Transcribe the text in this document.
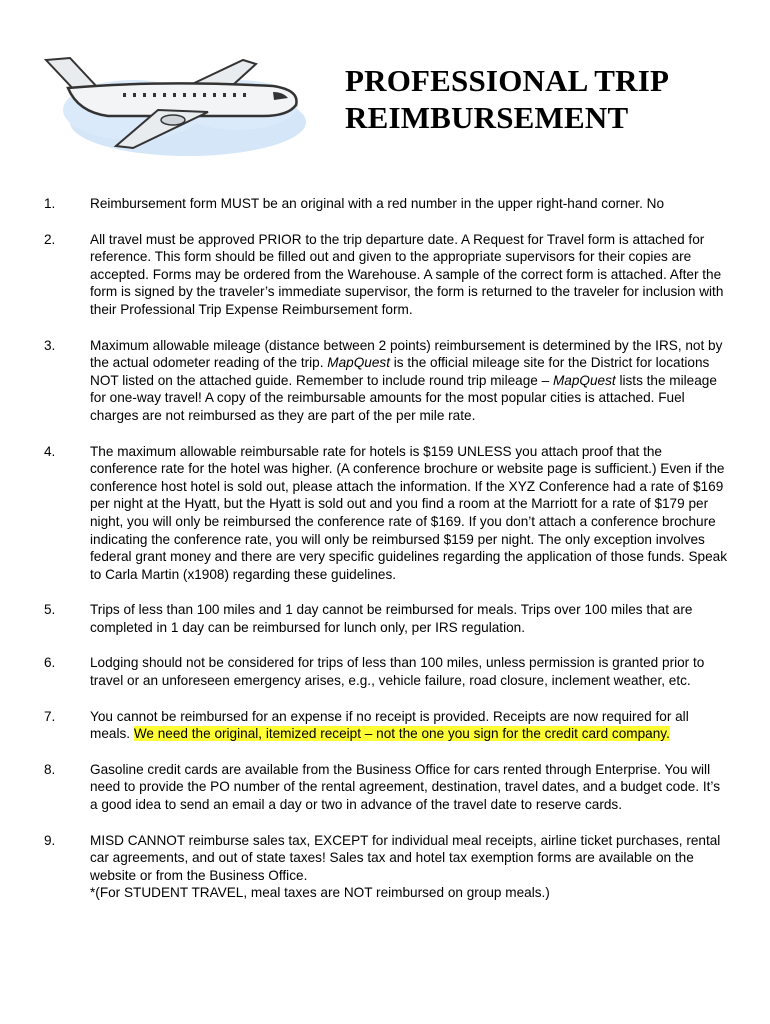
PROFESSIONAL TRIP
REIMBURSEMENT
1.	Reimbursement form MUST be an original with a red number in the upper right-hand corner. No
2.	All travel must be approved PRIOR to the trip departure date. A Request for Travel form is attached for reference. This form should be filled out and given to the appropriate supervisors for their copies are accepted. Forms may be ordered from the Warehouse. A sample of the correct form is attached. After the form is signed by the traveler’s immediate supervisor, the form is returned to the traveler for inclusion with their Professional Trip Expense Reimbursement form.
3.	Maximum allowable mileage (distance between 2 points) reimbursement is determined by the IRS, not by the actual odometer reading of the trip. MapQuest is the official mileage site for the District for locations NOT listed on the attached guide. Remember to include round trip mileage – MapQuest lists the mileage for one-way travel! A copy of the reimbursable amounts for the most popular cities is attached. Fuel charges are not reimbursed as they are part of the per mile rate.
4.	The maximum allowable reimbursable rate for hotels is $159 UNLESS you attach proof that the conference rate for the hotel was higher. (A conference brochure or website page is sufficient.) Even if the conference host hotel is sold out, please attach the information. If the XYZ Conference had a rate of $169 per night at the Hyatt, but the Hyatt is sold out and you find a room at the Marriott for a rate of $179 per night, you will only be reimbursed the conference rate of $169. If you don’t attach a conference brochure indicating the conference rate, you will only be reimbursed $159 per night. The only exception involves federal grant money and there are very specific guidelines regarding the application of those funds. Speak to Carla Martin (x1908) regarding these guidelines.
5.	Trips of less than 100 miles and 1 day cannot be reimbursed for meals. Trips over 100 miles that are completed in 1 day can be reimbursed for lunch only, per IRS regulation.
6.	Lodging should not be considered for trips of less than 100 miles, unless permission is granted prior to travel or an unforeseen emergency arises, e.g., vehicle failure, road closure, inclement weather, etc.
7.	You cannot be reimbursed for an expense if no receipt is provided. Receipts are now required for all meals. We need the original, itemized receipt – not the one you sign for the credit card company.
8.	Gasoline credit cards are available from the Business Office for cars rented through Enterprise. You will need to provide the PO number of the rental agreement, destination, travel dates, and a budget code. It’s a good idea to send an email a day or two in advance of the travel date to reserve cards.
9.	MISD CANNOT reimburse sales tax, EXCEPT for individual meal receipts, airline ticket purchases, rental car agreements, and out of state taxes! Sales tax and hotel tax exemption forms are available on the website or from the Business Office.
*(For STUDENT TRAVEL, meal taxes are NOT reimbursed on group meals.)
